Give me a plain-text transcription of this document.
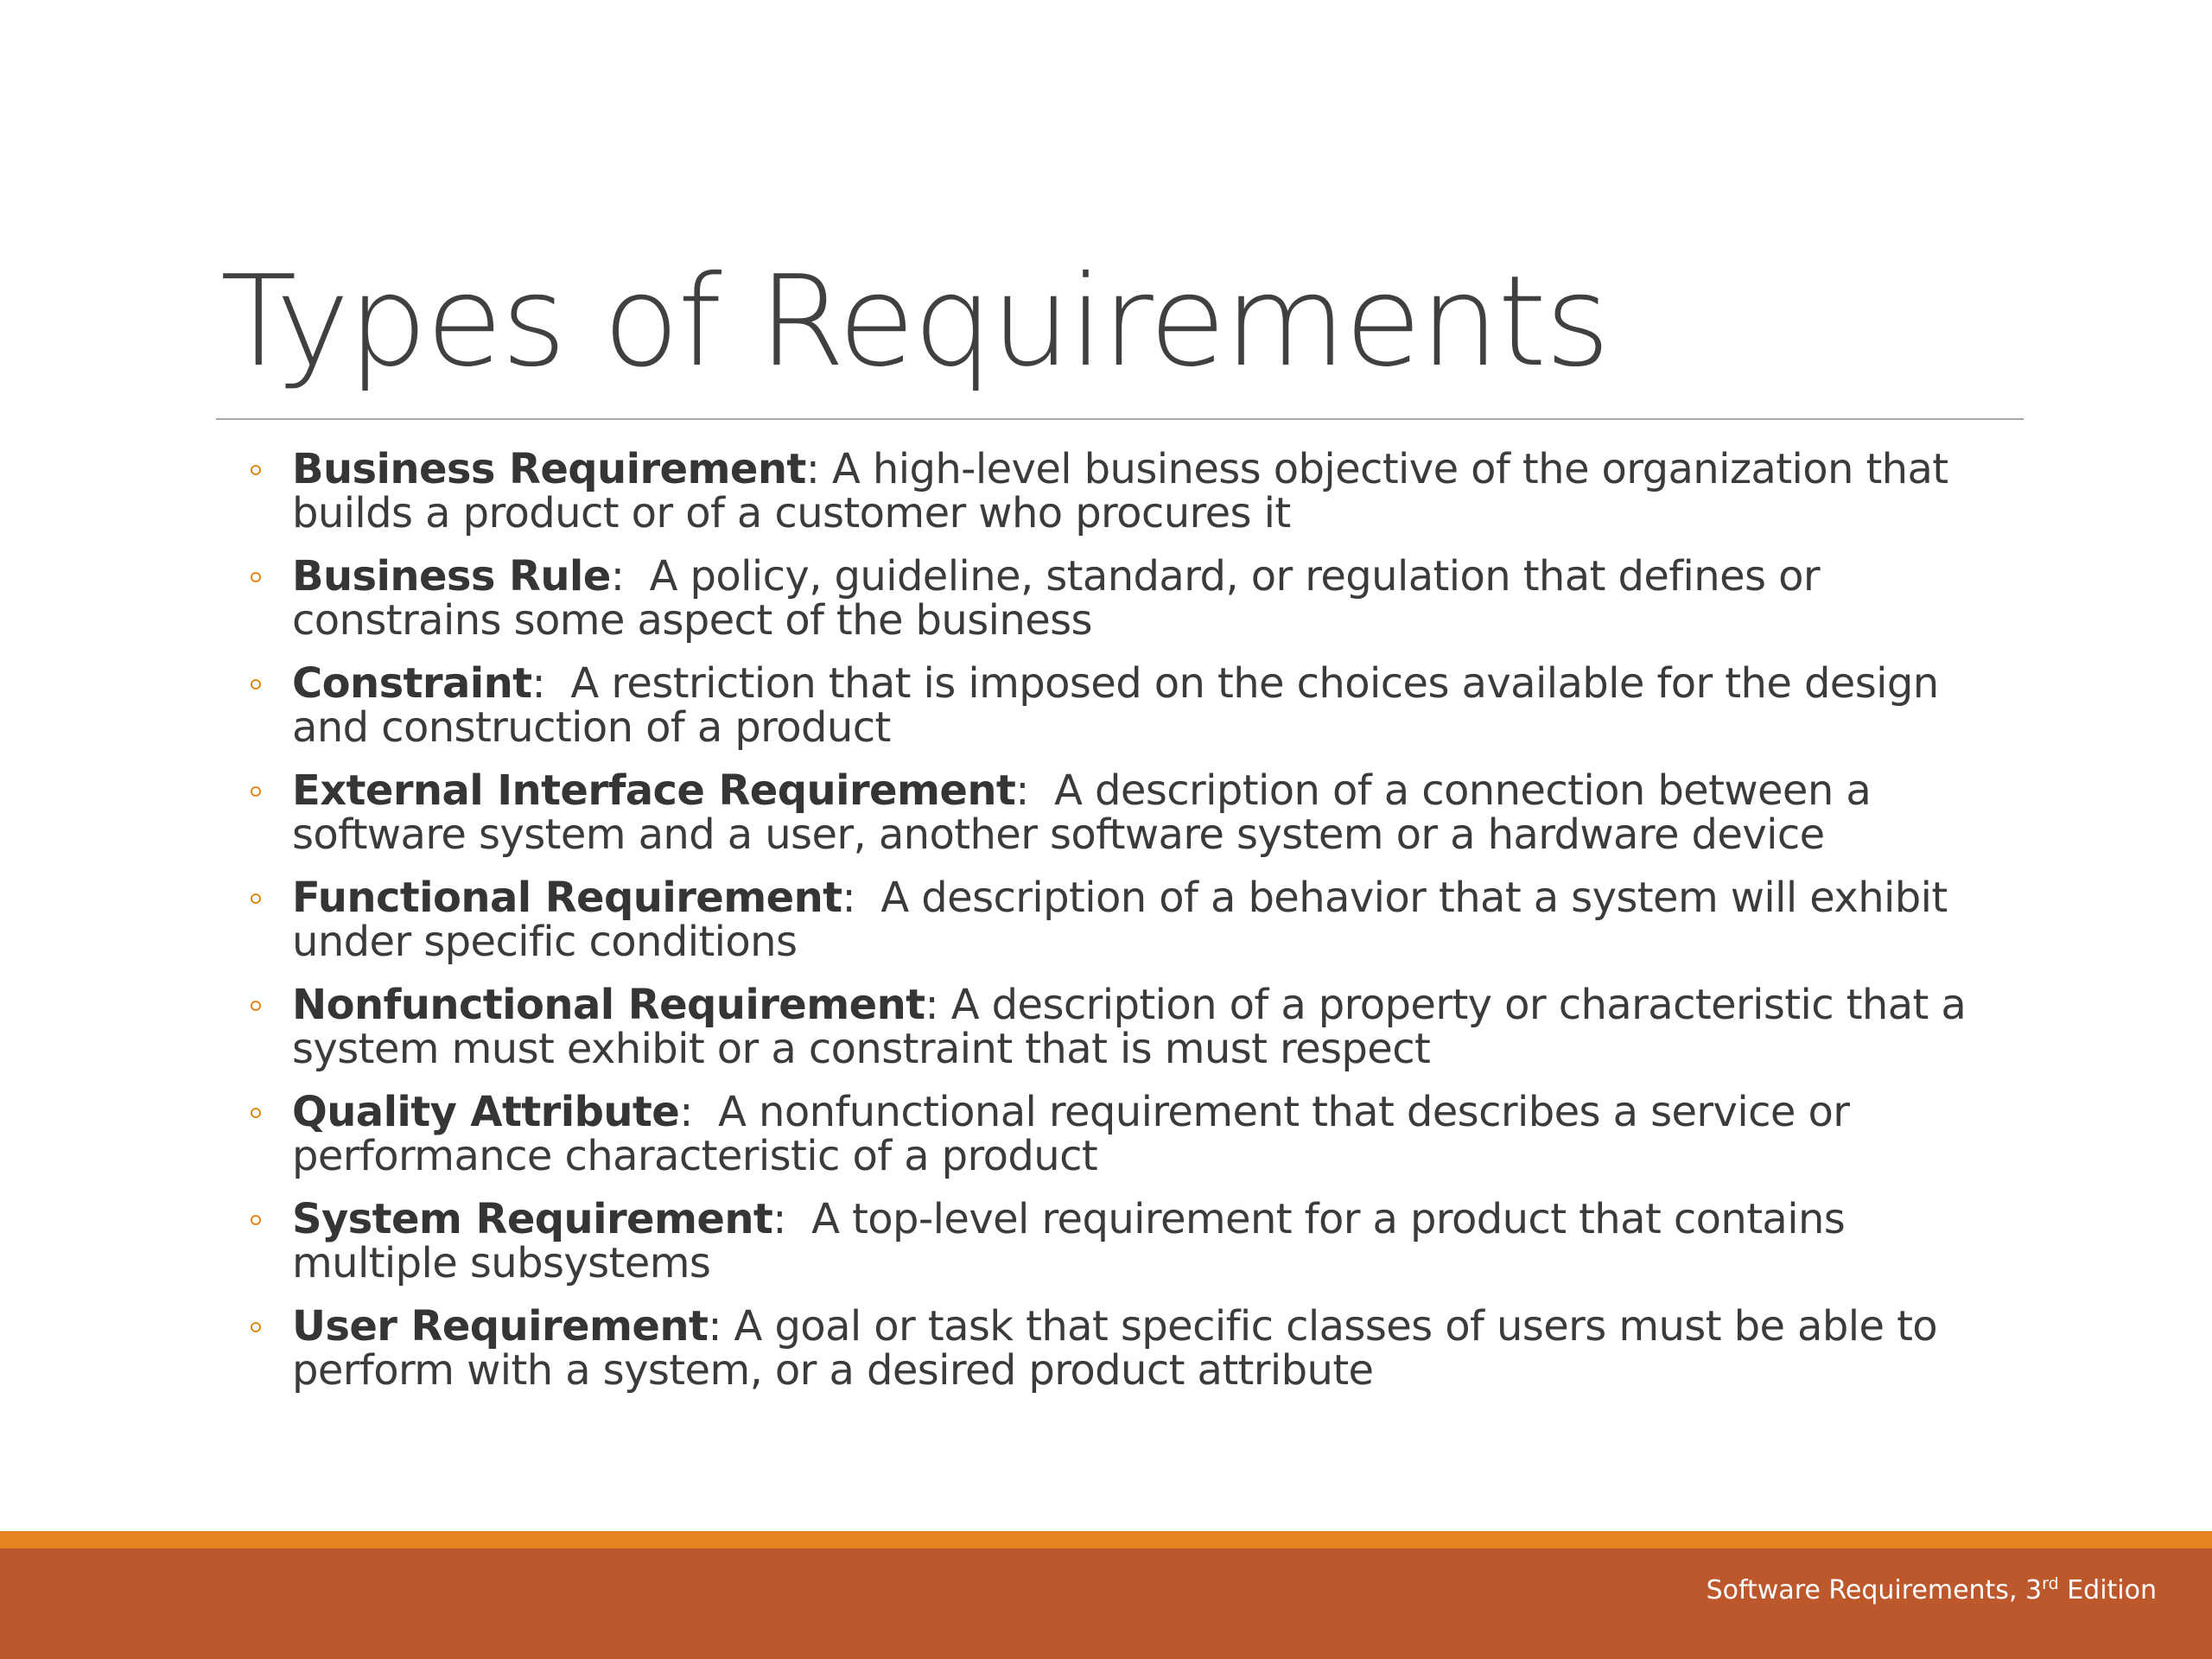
Types of Requirements
Business Requirement: A high-level business objective of the organization that builds a product or of a customer who procures it
Business Rule:  A policy, guideline, standard, or regulation that defines or constrains some aspect of the business
Constraint:  A restriction that is imposed on the choices available for the design and construction of a product
External Interface Requirement:  A description of a connection between a software system and a user, another software system or a hardware device
Functional Requirement:  A description of a behavior that a system will exhibit under specific conditions
Nonfunctional Requirement: A description of a property or characteristic that a system must exhibit or a constraint that is must respect
Quality Attribute:  A nonfunctional requirement that describes a service or performance characteristic of a product
System Requirement:  A top-level requirement for a product that contains multiple subsystems
User Requirement: A goal or task that specific classes of users must be able to perform with a system, or a desired product attribute
Software Requirements, 3rd Edition
